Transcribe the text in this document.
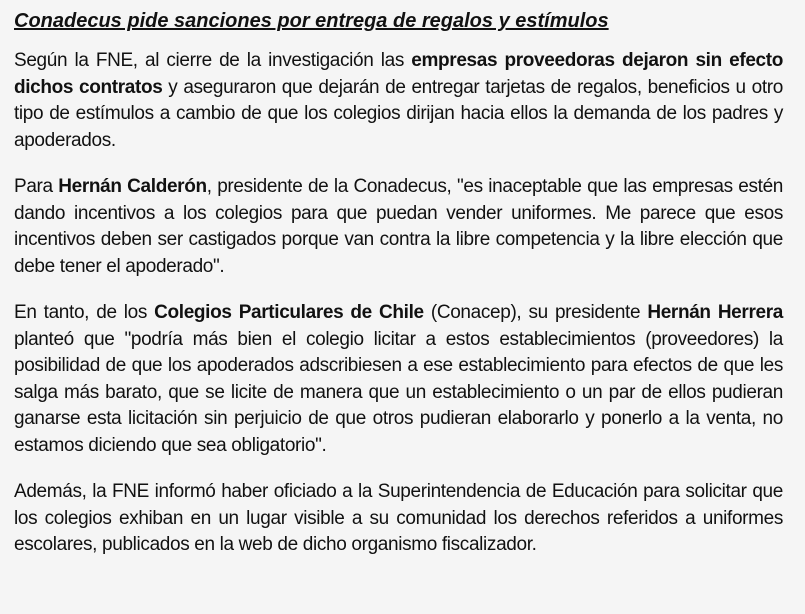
Conadecus pide sanciones por entrega de regalos y estímulos

Según la FNE, al cierre de la investigación las empresas proveedoras dejaron sin efecto dichos contratos y aseguraron que dejarán de entregar tarjetas de regalos, beneficios u otro tipo de estímulos a cambio de que los colegios dirijan hacia ellos la demanda de los padres y apoderados.

Para Hernán Calderón, presidente de la Conadecus, "es inaceptable que las empresas estén dando incentivos a los colegios para que puedan vender uniformes. Me parece que esos incentivos deben ser castigados porque van contra la libre competencia y la libre elección que debe tener el apoderado".

En tanto, de los Colegios Particulares de Chile (Conacep), su presidente Hernán Herrera planteó que "podría más bien el colegio licitar a estos establecimientos (proveedores) la posibilidad de que los apoderados adscribiesen a ese establecimiento para efectos de que les salga más barato, que se licite de manera que un establecimiento o un par de ellos pudieran ganarse esta licitación sin perjuicio de que otros pudieran elaborarlo y ponerlo a la venta, no estamos diciendo que sea obligatorio".

Además, la FNE informó haber oficiado a la Superintendencia de Educación para solicitar que los colegios exhiban en un lugar visible a su comunidad los derechos referidos a uniformes escolares, publicados en la web de dicho organismo fiscalizador.
